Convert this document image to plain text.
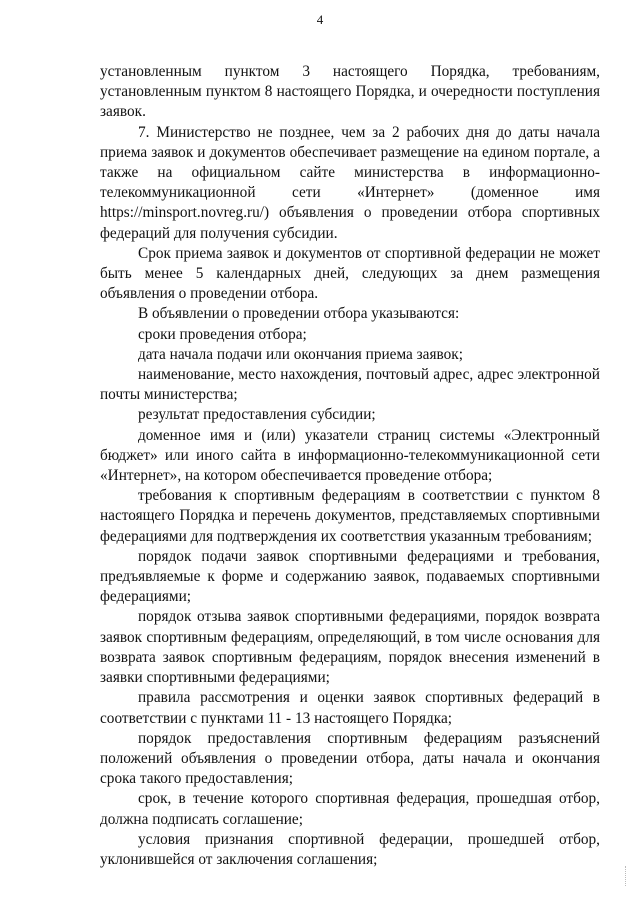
4

установленным пунктом 3 настоящего Порядка, требованиям, установленным пунктом 8 настоящего Порядка, и очередности поступления заявок.

7. Министерство не позднее, чем за 2 рабочих дня до даты начала приема заявок и документов обеспечивает размещение на едином портале, а также на официальном сайте министерства в информационно-телекоммуникационной сети «Интернет» (доменное имя https://minsport.novreg.ru/) объявления о проведении отбора спортивных федераций для получения субсидии.

Срок приема заявок и документов от спортивной федерации не может быть менее 5 календарных дней, следующих за днем размещения объявления о проведении отбора.

В объявлении о проведении отбора указываются:

сроки проведения отбора;

дата начала подачи или окончания приема заявок;

наименование, место нахождения, почтовый адрес, адрес электронной почты министерства;

результат предоставления субсидии;

доменное имя и (или) указатели страниц системы «Электронный бюджет» или иного сайта в информационно-телекоммуникационной сети «Интернет», на котором обеспечивается проведение отбора;

требования к спортивным федерациям в соответствии с пунктом 8 настоящего Порядка и перечень документов, представляемых спортивными федерациями для подтверждения их соответствия указанным требованиям;

порядок подачи заявок спортивными федерациями и требования, предъявляемые к форме и содержанию заявок, подаваемых спортивными федерациями;

порядок отзыва заявок спортивными федерациями, порядок возврата заявок спортивным федерациям, определяющий, в том числе основания для возврата заявок спортивным федерациям, порядок внесения изменений в заявки спортивными федерациями;

правила рассмотрения и оценки заявок спортивных федераций в соответствии с пунктами 11 - 13 настоящего Порядка;

порядок предоставления спортивным федерациям разъяснений положений объявления о проведении отбора, даты начала и окончания срока такого предоставления;

срок, в течение которого спортивная федерация, прошедшая отбор, должна подписать соглашение;

условия признания спортивной федерации, прошедшей отбор, уклонившейся от заключения соглашения;
